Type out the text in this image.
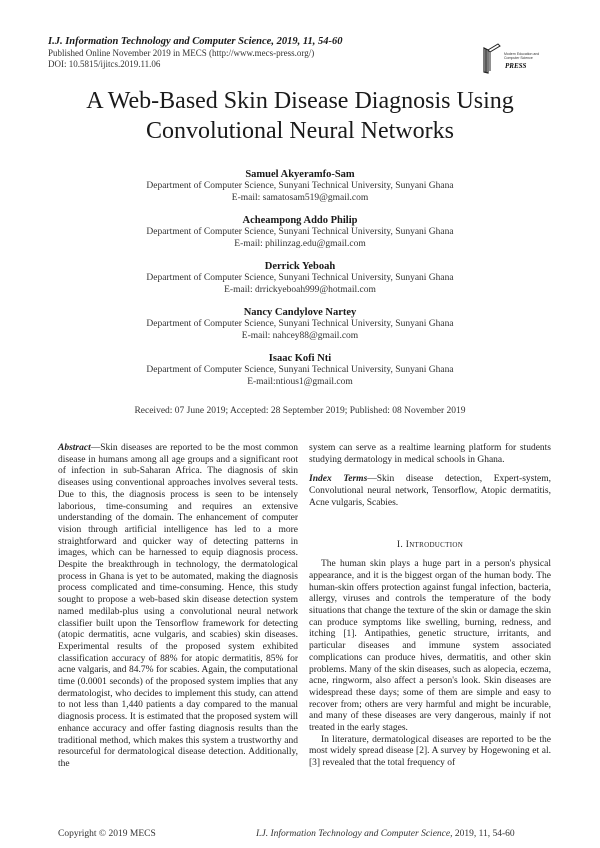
I.J. Information Technology and Computer Science, 2019, 11, 54-60
Published Online November 2019 in MECS (http://www.mecs-press.org/)
DOI: 10.5815/ijitcs.2019.11.06
Modern Education and Computer Science
PRESS
A Web-Based Skin Disease Diagnosis Using
Convolutional Neural Networks
Samuel Akyeramfo-Sam
Department of Computer Science, Sunyani Technical University, Sunyani Ghana
E-mail: samatosam519@gmail.com
Acheampong Addo Philip
Department of Computer Science, Sunyani Technical University, Sunyani Ghana
E-mail: philinzag.edu@gmail.com
Derrick Yeboah
Department of Computer Science, Sunyani Technical University, Sunyani Ghana
E-mail: drrickyeboah999@hotmail.com
Nancy Candylove Nartey
Department of Computer Science, Sunyani Technical University, Sunyani Ghana
E-mail: nahcey88@gmail.com
Isaac Kofi Nti
Department of Computer Science, Sunyani Technical University, Sunyani Ghana
E-mail:ntious1@gmail.com
Received: 07 June 2019; Accepted: 28 September 2019; Published: 08 November 2019

Abstract—Skin diseases are reported to be the most common disease in humans among all age groups and a significant root of infection in sub-Saharan Africa. The diagnosis of skin diseases using conventional approaches involves several tests. Due to this, the diagnosis process is seen to be intensely laborious, time-consuming and requires an extensive understanding of the domain. The enhancement of computer vision through artificial intelligence has led to a more straightforward and quicker way of detecting patterns in images, which can be harnessed to equip diagnosis process. Despite the breakthrough in technology, the dermatological process in Ghana is yet to be automated, making the diagnosis process complicated and time-consuming. Hence, this study sought to propose a web-based skin disease detection system named medilab-plus using a convolutional neural network classifier built upon the Tensorflow framework for detecting (atopic dermatitis, acne vulgaris, and scabies) skin diseases. Experimental results of the proposed system exhibited classification accuracy of 88% for atopic dermatitis, 85% for acne valgaris, and 84.7% for scabies. Again, the computational time (0.0001 seconds) of the proposed system implies that any dermatologist, who decides to implement this study, can attend to not less than 1,440 patients a day compared to the manual diagnosis process. It is estimated that the proposed system will enhance accuracy and offer fasting diagnosis results than the traditional method, which makes this system a trustworthy and resourceful for dermatological disease detection. Additionally, the

system can serve as a realtime learning platform for students studying dermatology in medical schools in Ghana.

Index Terms—Skin disease detection, Expert-system, Convolutional neural network, Tensorflow, Atopic dermatitis, Acne vulgaris, Scabies.

I. Introduction

The human skin plays a huge part in a person's physical appearance, and it is the biggest organ of the human body. The human-skin offers protection against fungal infection, bacteria, allergy, viruses and controls the temperature of the body situations that change the texture of the skin or damage the skin can produce symptoms like swelling, burning, redness, and itching [1]. Antipathies, genetic structure, irritants, and particular diseases and immune system associated complications can produce hives, dermatitis, and other skin problems. Many of the skin diseases, such as alopecia, eczema, acne, ringworm, also affect a person's look. Skin diseases are widespread these days; some of them are simple and easy to recover from; others are very harmful and might be incurable, and many of these diseases are very dangerous, mainly if not treated in the early stages.

In literature, dermatological diseases are reported to be the most widely spread disease [2]. A survey by Hogewoning et al. [3] revealed that the total frequency of

Copyright © 2019 MECS	I.J. Information Technology and Computer Science, 2019, 11, 54-60
